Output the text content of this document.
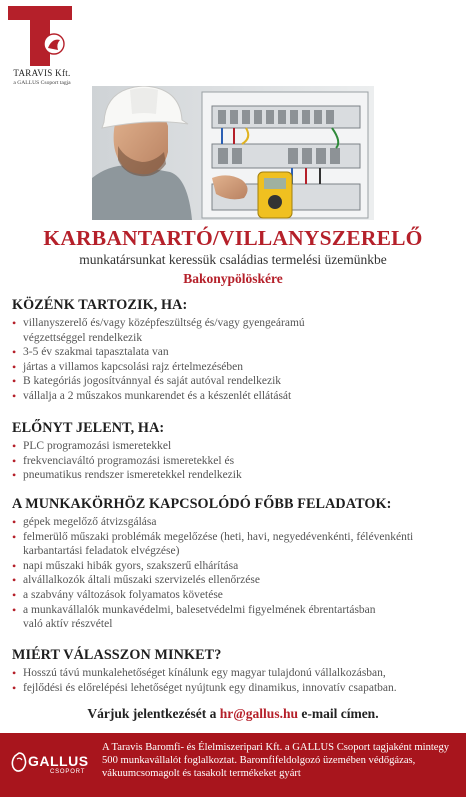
TARAVIS Kft.
a GALLUS Csoport tagja
KARBANTARTÓ/VILLANYSZERELŐ
munkatársunkat keressük családias termelési üzemünkbe
Bakonypölöskére
KÖZÉNK TARTOZIK, HA:
• villanyszerelő és/vagy középfeszültség és/vagy gyengeáramú végzettséggel rendelkezik
• 3-5 év szakmai tapasztalata van
• jártas a villamos kapcsolási rajz értelmezésében
• B kategóriás jogosítvánnyal és saját autóval rendelkezik
• vállalja a 2 műszakos munkarendet és a készenlét ellátását
ELŐNYT JELENT, HA:
• PLC programozási ismeretekkel
• frekvenciaváltó programozási ismeretekkel és
• pneumatikus rendszer ismeretekkel rendelkezik
A MUNKAKÖRHÖZ KAPCSOLÓDÓ FŐBB FELADATOK:
• gépek megelőző átvizsgálása
• felmerülő műszaki problémák megelőzése (heti, havi, negyedévenkénti, félévenkénti karbantartási feladatok elvégzése)
• napi műszaki hibák gyors, szakszerű elhárítása
• alvállalkozók általi műszaki szervizelés ellenőrzése
• a szabvány változások folyamatos követése
• a munkavállalók munkavédelmi, balesetvédelmi figyelmének ébrentartásban való aktív részvétel
MIÉRT VÁLASSZON MINKET?
• Hosszú távú munkalehetőséget kínálunk egy magyar tulajdonú vállalkozásban,
• fejlődési és előrelépési lehetőséget nyújtunk egy dinamikus, innovatív csapatban.
Várjuk jelentkezését a hr@gallus.hu e-mail címen.
GALLUS
CSOPORT
A Taravis Baromfi- és Élelmiszeripari Kft. a GALLUS Csoport tagjaként mintegy 500 munkavállalót foglalkoztat. Baromfifeldolgozó üzemében védőgázas, vákuumcsomagolt és tasakolt termékeket gyárt
